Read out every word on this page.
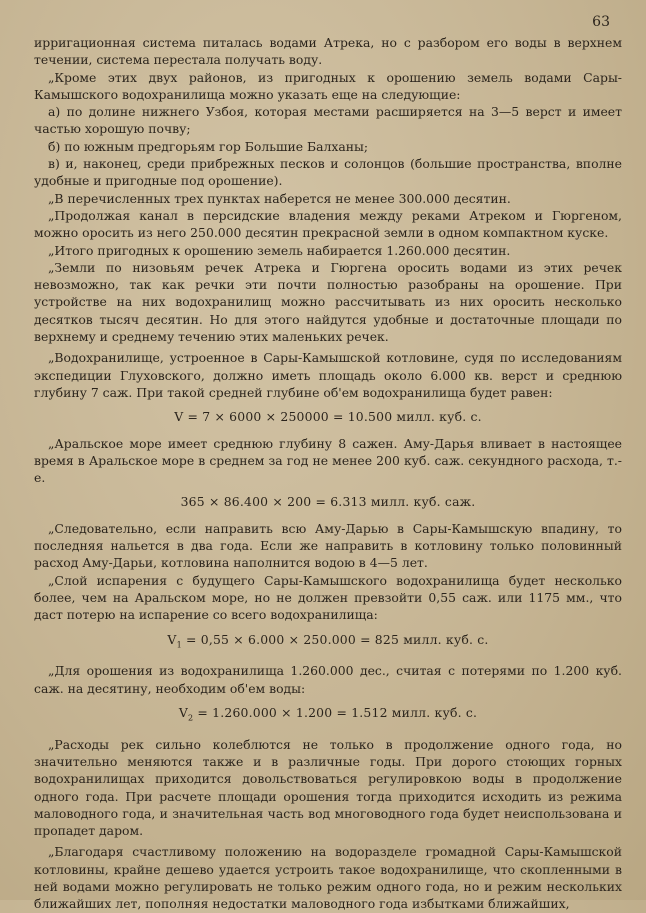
63

ирригационная система питалась водами Атрека, но с разбором его воды в верхнем течении, система перестала получать воду.

„Кроме этих двух районов, из пригодных к орошению земель водами Сары-Камышского водохранилища можно указать еще на следующие:

а) по долине нижнего Узбоя, которая местами расширяется на 3—5 верст и имеет частью хорошую почву;

б) по южным предгорьям гор Большие Балханы;

в) и, наконец, среди прибрежных песков и солонцов (большие пространства, вполне удобные и пригодные под орошение).

„В перечисленных трех пунктах наберется не менее 300.000 десятин.

„Продолжая канал в персидские владения между реками Атреком и Гюргеном, можно оросить из него 250.000 десятин прекрасной земли в одном компактном куске.

„Итого пригодных к орошению земель набирается 1.260.000 десятин.

„Земли по низовьям речек Атрека и Гюргена оросить водами из этих речек невозможно, так как речки эти почти полностью разобраны на орошение. При устройстве на них водохранилищ можно рассчитывать из них оросить несколько десятков тысяч десятин. Но для этого найдутся удобные и достаточные площади по верхнему и среднему течению этих маленьких речек.

„Водохранилище, устроенное в Сары-Камышской котловине, судя по исследованиям экспедиции Глуховского, должно иметь площадь около 6.000 кв. верст и среднюю глубину 7 саж. При такой средней глубине об'ем водохранилища будет равен:

V = 7 × 6000 × 250000 = 10.500 милл. куб. с.

„Аральское море имеет среднюю глубину 8 сажен. Аму-Дарья вливает в настоящее время в Аральское море в среднем за год не менее 200 куб. саж. секундного расхода, т.-е.

365 × 86.400 × 200 = 6.313 милл. куб. саж.

„Следовательно, если направить всю Аму-Дарью в Сары-Камышскую впадину, то последняя нальется в два года. Если же направить в котловину только половинный расход Аму-Дарьи, котловина наполнится водою в 4—5 лет.

„Слой испарения с будущего Сары-Камышского водохранилища будет несколько более, чем на Аральском море, но не должен превзойти 0,55 саж. или 1175 мм., что даст потерю на испарение со всего водохранилища:

$V_1 = 0,55 \times 6.000 \times 250.000 = 825$ милл. куб. с.

„Для орошения из водохранилища 1.260.000 дес., считая с потерями по 1.200 куб. саж. на десятину, необходим об'ем воды:

$V_2 = 1.260.000 \times 1.200 = 1.512$ милл. куб. с.

„Расходы рек сильно колеблются не только в продолжение одного года, но значительно меняются также и в различные годы. При дорого стоющих горных водохранилищах приходится довольствоваться регулировкою воды в продолжение одного года. При расчете площади орошения тогда приходится исходить из режима маловодного года, и значительная часть вод многоводного года будет неиспользована и пропадет даром.

„Благодаря счастливому положению на водоразделе громадной Сары-Камышской котловины, крайне дешево удается устроить такое водохранилище, что скопленными в ней водами можно регулировать не только режим одного года, но и режим нескольких ближайших лет, пополняя недостатки маловодного года избытками ближайших,
